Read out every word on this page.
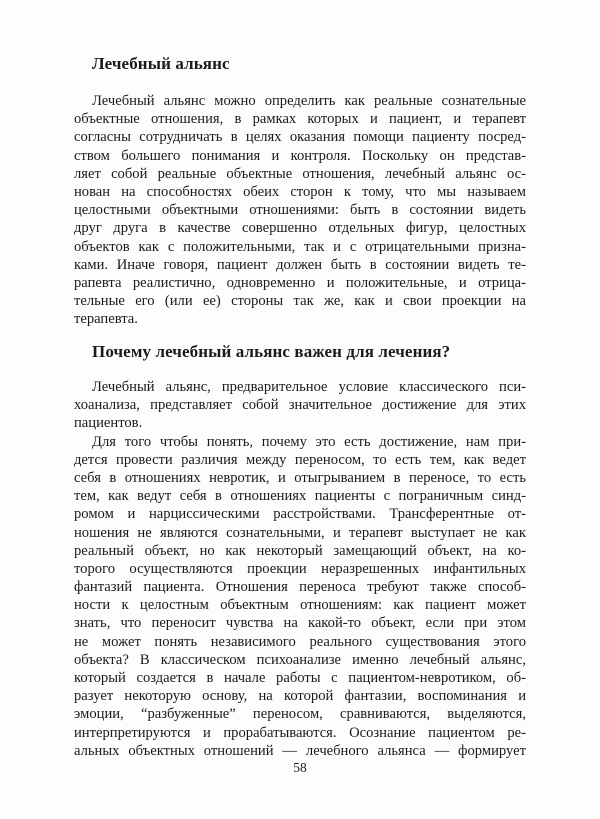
Лечебный альянс
Лечебный альянс можно определить как реальные сознательные
объектные отношения, в рамках которых и пациент, и терапевт
согласны сотрудничать в целях оказания помощи пациенту посред-
ством большего понимания и контроля. Поскольку он представ-
ляет собой реальные объектные отношения, лечебный альянс ос-
нован на способностях обеих сторон к тому, что мы называем
целостными объектными отношениями: быть в состоянии видеть
друг друга в качестве совершенно отдельных фигур, целостных
объектов как с положительными, так и с отрицательными призна-
ками. Иначе говоря, пациент должен быть в состоянии видеть те-
рапевта реалистично, одновременно и положительные, и отрица-
тельные его (или ее) стороны так же, как и свои проекции на
терапевта.
Почему лечебный альянс важен для лечения?
Лечебный альянс, предварительное условие классического пси-
хоанализа, представляет собой значительное достижение для этих
пациентов.
Для того чтобы понять, почему это есть достижение, нам при-
дется провести различия между переносом, то есть тем, как ведет
себя в отношениях невротик, и отыгрыванием в переносе, то есть
тем, как ведут себя в отношениях пациенты с пограничным синд-
ромом и нарциссическими расстройствами. Трансферентные от-
ношения не являются сознательными, и терапевт выступает не как
реальный объект, но как некоторый замещающий объект, на ко-
торого осуществляются проекции неразрешенных инфантильных
фантазий пациента. Отношения переноса требуют также способ-
ности к целостным объектным отношениям: как пациент может
знать, что переносит чувства на какой-то объект, если при этом
не может понять независимого реального существования этого
объекта? В классическом психоанализе именно лечебный альянс,
который создается в начале работы с пациентом-невротиком, об-
разует некоторую основу, на которой фантазии, воспоминания и
эмоции, “разбуженные” переносом, сравниваются, выделяются,
интерпретируются и прорабатываются. Осознание пациентом ре-
альных объектных отношений — лечебного альянса — формирует

58
